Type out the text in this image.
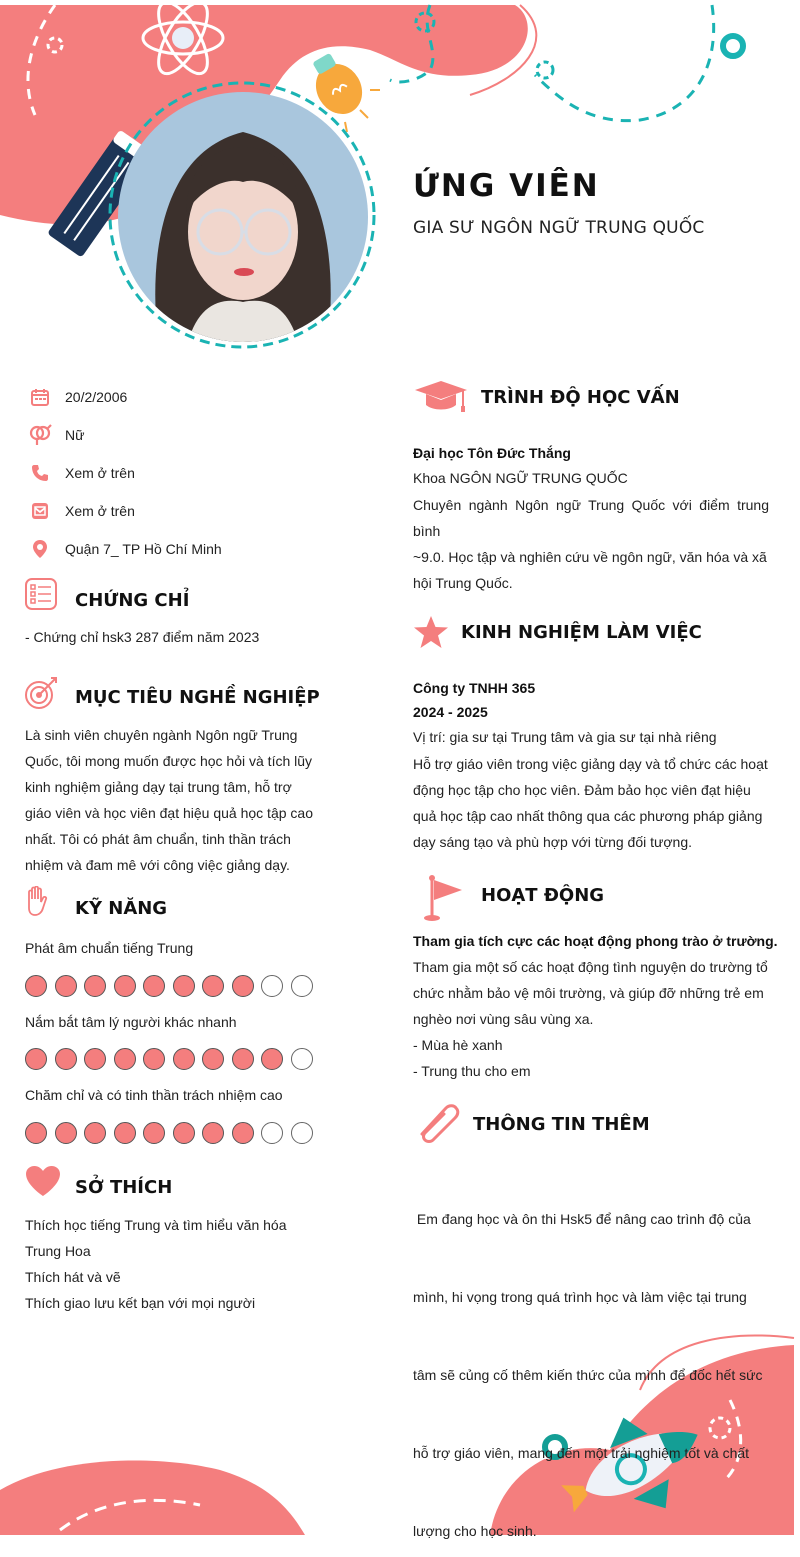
ỨNG VIÊN
GIA SƯ NGÔN NGỮ TRUNG QUỐC
20/2/2006
Nữ
Xem ở trên
Xem ở trên
Quận 7_ TP Hồ Chí Minh
CHỨNG CHỈ
- Chứng chỉ hsk3 287 điểm năm 2023
MỤC TIÊU NGHỀ NGHIỆP
Là sinh viên chuyên ngành Ngôn ngữ Trung
Quốc, tôi mong muốn được học hỏi và tích lũy
kinh nghiệm giảng dạy tại trung tâm, hỗ trợ
giáo viên và học viên đạt hiệu quả học tập cao
nhất. Tôi có phát âm chuẩn, tinh thần trách
nhiệm và đam mê với công việc giảng dạy.
KỸ NĂNG
Phát âm chuẩn tiếng Trung
Nắm bắt tâm lý người khác nhanh
Chăm chỉ và có tinh thần trách nhiệm cao
SỞ THÍCH
Thích học tiếng Trung và tìm hiểu văn hóa
Trung Hoa
Thích hát và vẽ
Thích giao lưu kết bạn với mọi người
TRÌNH ĐỘ HỌC VẤN
Đại học Tôn Đức Thắng
Khoa NGÔN NGỮ TRUNG QUỐC
Chuyên ngành Ngôn ngữ Trung Quốc với điểm trung bình
~9.0. Học tập và nghiên cứu về ngôn ngữ, văn hóa và xã
hội Trung Quốc.
KINH NGHIỆM LÀM VIỆC
Công ty TNHH 365
2024 - 2025
Vị trí: gia sư tại Trung tâm và gia sư tại nhà riêng
Hỗ trợ giáo viên trong việc giảng dạy và tổ chức các hoạt
động học tập cho học viên. Đảm bảo học viên đạt hiệu
quả học tập cao nhất thông qua các phương pháp giảng
dạy sáng tạo và phù hợp với từng đối tượng.
HOẠT ĐỘNG
Tham gia tích cực các hoạt động phong trào ở trường.
Tham gia một số các hoạt động tình nguyện do trường tổ
chức nhằm bảo vệ môi trường, và giúp đỡ những trẻ em
nghèo nơi vùng sâu vùng xa.
- Mùa hè xanh
- Trung thu cho em
THÔNG TIN THÊM

Em đang học và ôn thi Hsk5 để nâng cao trình độ của

mình, hi vọng trong quá trình học và làm việc tại trung

tâm sẽ củng cố thêm kiến thức của mình để đốc hết sức

hỗ trợ giáo viên, mang đến một trải nghiệm tốt và chất

lượng cho học sinh.
